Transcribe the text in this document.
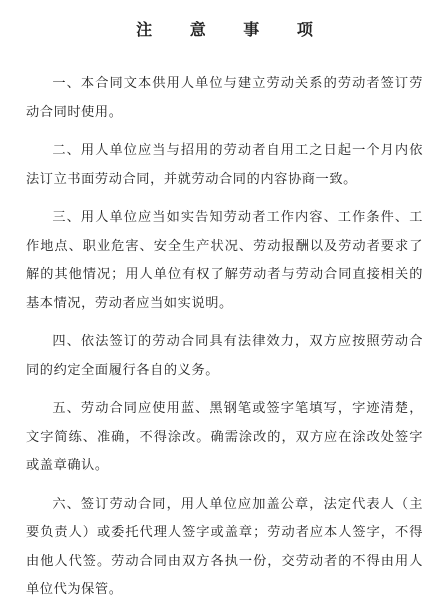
注 意 事 项

一、本合同文本供用人单位与建立劳动关系的劳动者签订劳动合同时使用。

二、用人单位应当与招用的劳动者自用工之日起一个月内依法订立书面劳动合同，并就劳动合同的内容协商一致。

三、用人单位应当如实告知劳动者工作内容、工作条件、工作地点、职业危害、安全生产状况、劳动报酬以及劳动者要求了解的其他情况；用人单位有权了解劳动者与劳动合同直接相关的基本情况，劳动者应当如实说明。

四、依法签订的劳动合同具有法律效力，双方应按照劳动合同的约定全面履行各自的义务。

五、劳动合同应使用蓝、黑钢笔或签字笔填写，字迹清楚，文字简练、准确，不得涂改。确需涂改的，双方应在涂改处签字或盖章确认。

六、签订劳动合同，用人单位应加盖公章，法定代表人（主要负责人）或委托代理人签字或盖章；劳动者应本人签字，不得由他人代签。劳动合同由双方各执一份，交劳动者的不得由用人单位代为保管。
